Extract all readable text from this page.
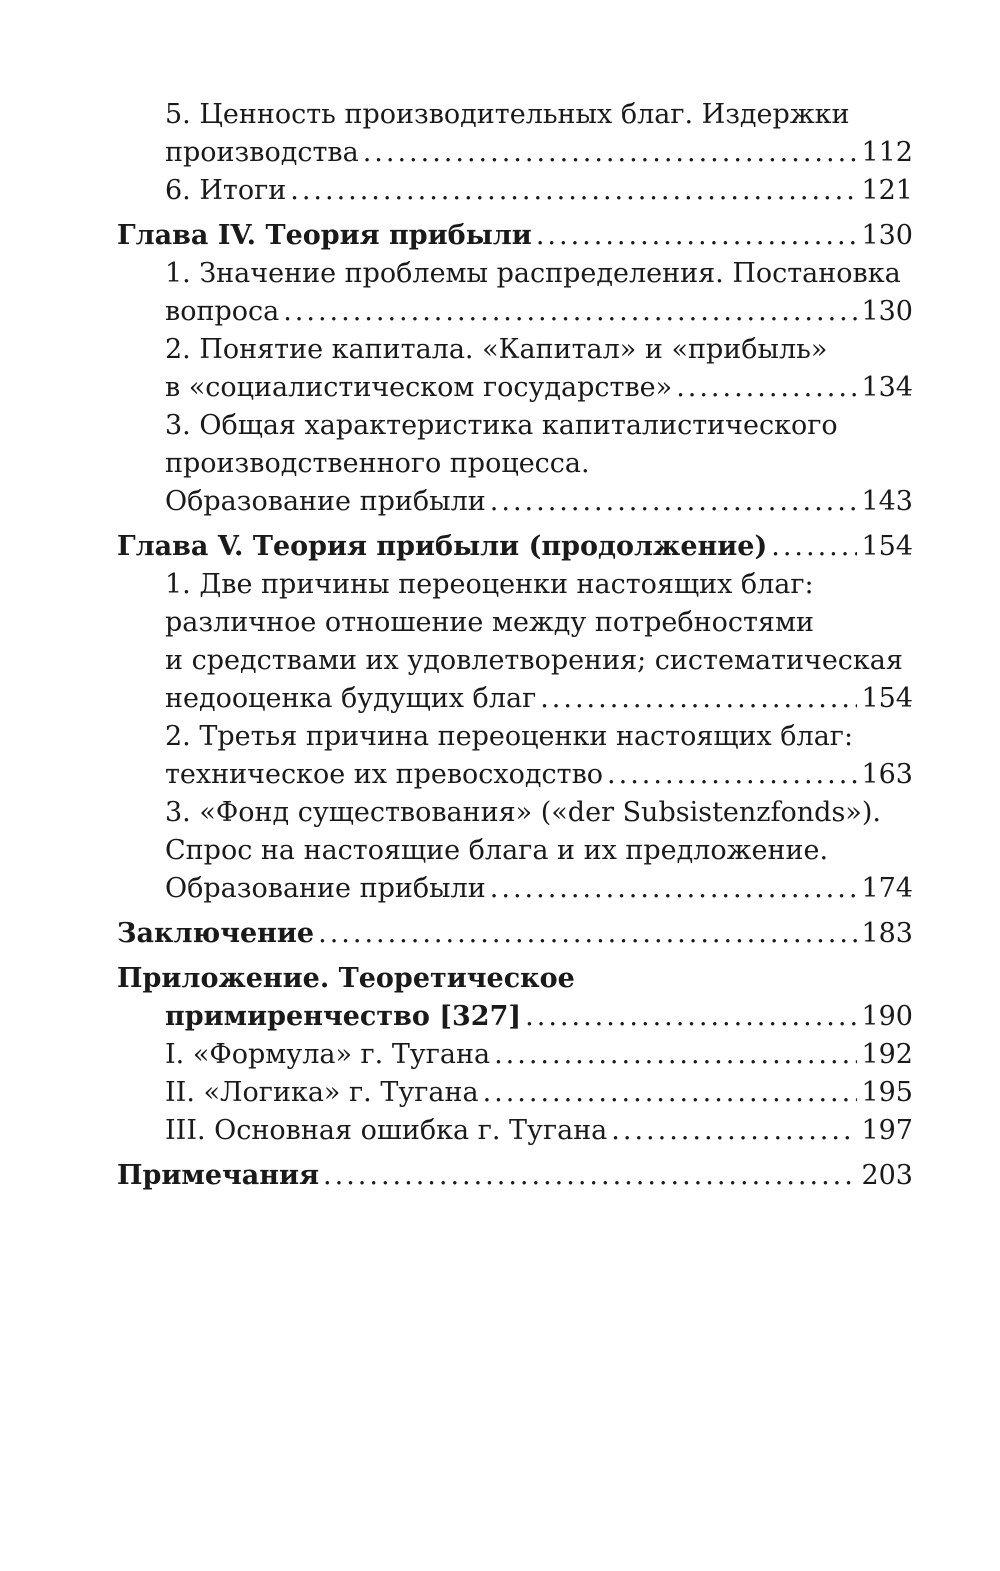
5. Ценность производительных благ. Издержки
производства .....	112
6. Итоги .....	121
Глава IV. Теория прибыли .....	130
1. Значение проблемы распределения. Постановка
вопроса .....	130
2. Понятие капитала. «Капитал» и «прибыль»
в «социалистическом государстве» .....	134
3. Общая характеристика капиталистического
производственного процесса.
Образование прибыли .....	143
Глава V. Теория прибыли (продолжение) .....	154
1. Две причины переоценки настоящих благ:
различное отношение между потребностями
и средствами их удовлетворения; систематическая
недооценка будущих благ .....	154
2. Третья причина переоценки настоящих благ:
техническое их превосходство .....	163
3. «Фонд существования» («der Subsistenzfonds»).
Спрос на настоящие блага и их предложение.
Образование прибыли .....	174
Заключение .....	183
Приложение. Теоретическое
примиренчество [327] .....	190
I. «Формула» г. Тугана .....	192
II. «Логика» г. Тугана .....	195
III. Основная ошибка г. Тугана .....	197
Примечания .....	203
